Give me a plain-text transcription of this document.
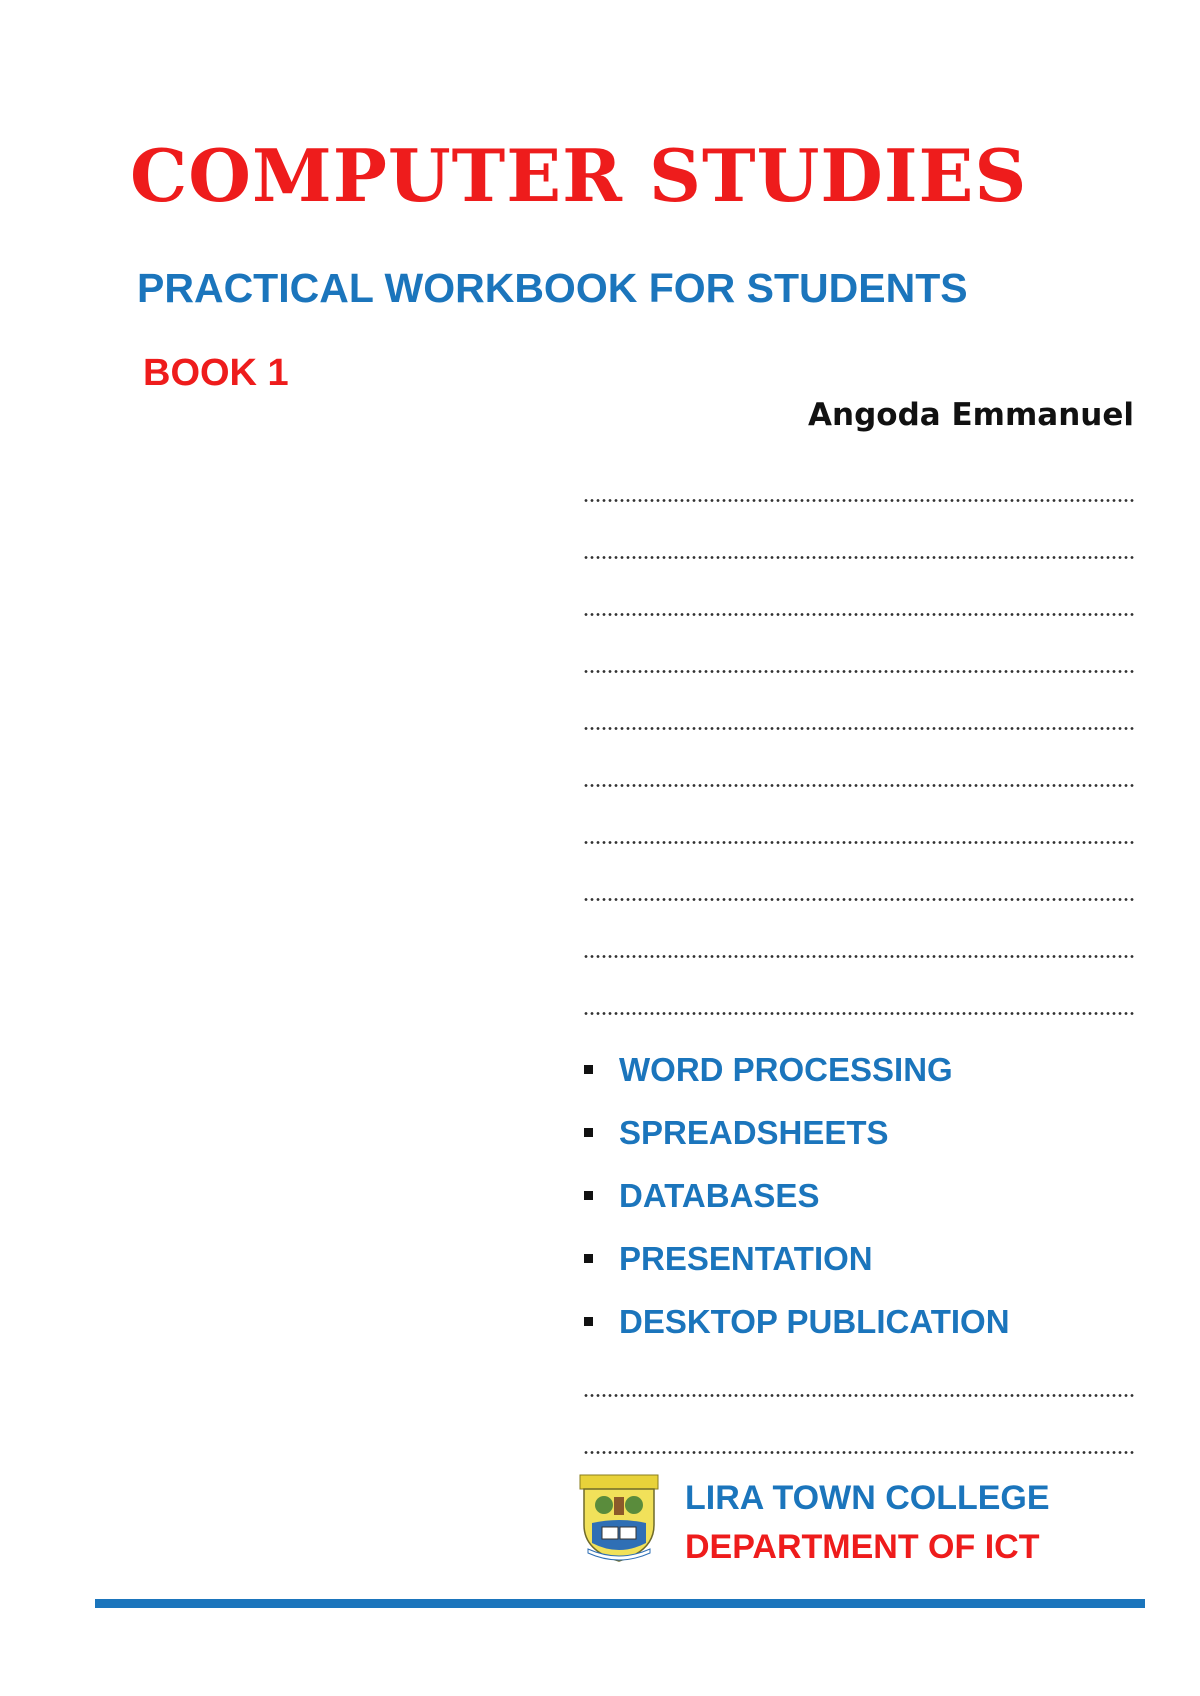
COMPUTER STUDIES
PRACTICAL WORKBOOK FOR STUDENTS
BOOK 1
Angoda Emmanuel
WORD PROCESSING
SPREADSHEETS
DATABASES
PRESENTATION
DESKTOP PUBLICATION
LIRA TOWN COLLEGE
DEPARTMENT OF ICT
